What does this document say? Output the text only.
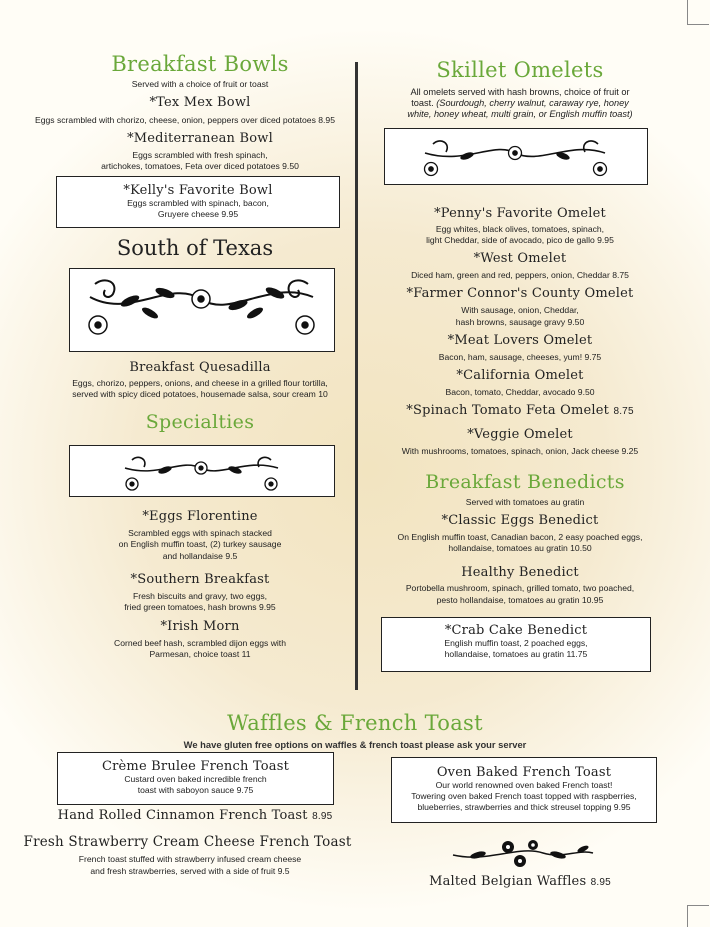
Breakfast Bowls
Served with a choice of fruit or toast
*Tex Mex Bowl
Eggs scrambled with chorizo, cheese, onion, peppers over diced potatoes 8.95
*Mediterranean Bowl
Eggs scrambled with fresh spinach,
artichokes, tomatoes, Feta over diced potatoes 9.50
*Kelly's Favorite Bowl
Eggs scrambled with spinach, bacon,
Gruyere cheese 9.95
South of Texas
Breakfast Quesadilla
Eggs, chorizo, peppers, onions, and cheese in a grilled flour tortilla,
served with spicy diced potatoes, housemade salsa, sour cream 10
Specialties
*Eggs Florentine
Scrambled eggs with spinach stacked
on English muffin toast, (2) turkey sausage
and hollandaise 9.5
*Southern Breakfast
Fresh biscuits and gravy, two eggs,
fried green tomatoes, hash browns 9.95
*Irish Morn
Corned beef hash, scrambled dijon eggs with
Parmesan, choice toast 11
Skillet Omelets
All omelets served with hash browns, choice of fruit or
toast. (Sourdough, cherry walnut, caraway rye, honey
white, honey wheat, multi grain, or English muffin toast)
*Penny's Favorite Omelet
Egg whites, black olives, tomatoes, spinach,
light Cheddar, side of avocado, pico de gallo 9.95
*West Omelet
Diced ham, green and red, peppers, onion, Cheddar 8.75
*Farmer Connor's County Omelet
With sausage, onion, Cheddar,
hash browns, sausage gravy 9.50
*Meat Lovers Omelet
Bacon, ham, sausage, cheeses, yum! 9.75
*California Omelet
Bacon, tomato, Cheddar, avocado 9.50
*Spinach Tomato Feta Omelet 8.75
*Veggie Omelet
With mushrooms, tomatoes, spinach, onion, Jack cheese 9.25
Breakfast Benedicts
Served with tomatoes au gratin
*Classic Eggs Benedict
On English muffin toast, Canadian bacon, 2 easy poached eggs,
hollandaise, tomatoes au gratin 10.50
Healthy Benedict
Portobella mushroom, spinach, grilled tomato, two poached,
pesto hollandaise, tomatoes au gratin 10.95
*Crab Cake Benedict
English muffin toast, 2 poached eggs,
hollandaise, tomatoes au gratin 11.75
Waffles & French Toast
We have gluten free options on waffles & french toast please ask your server
Crème Brulee French Toast
Custard oven baked incredible french
toast with saboyon sauce 9.75
Oven Baked French Toast
Our world renowned oven baked French toast!
Towering oven baked French toast topped with raspberries,
blueberries, strawberries and thick streusel topping 9.95
Hand Rolled Cinnamon French Toast 8.95
Fresh Strawberry Cream Cheese French Toast
French toast stuffed with strawberry infused cream cheese
and fresh strawberries, served with a side of fruit 9.5
Malted Belgian Waffles 8.95
